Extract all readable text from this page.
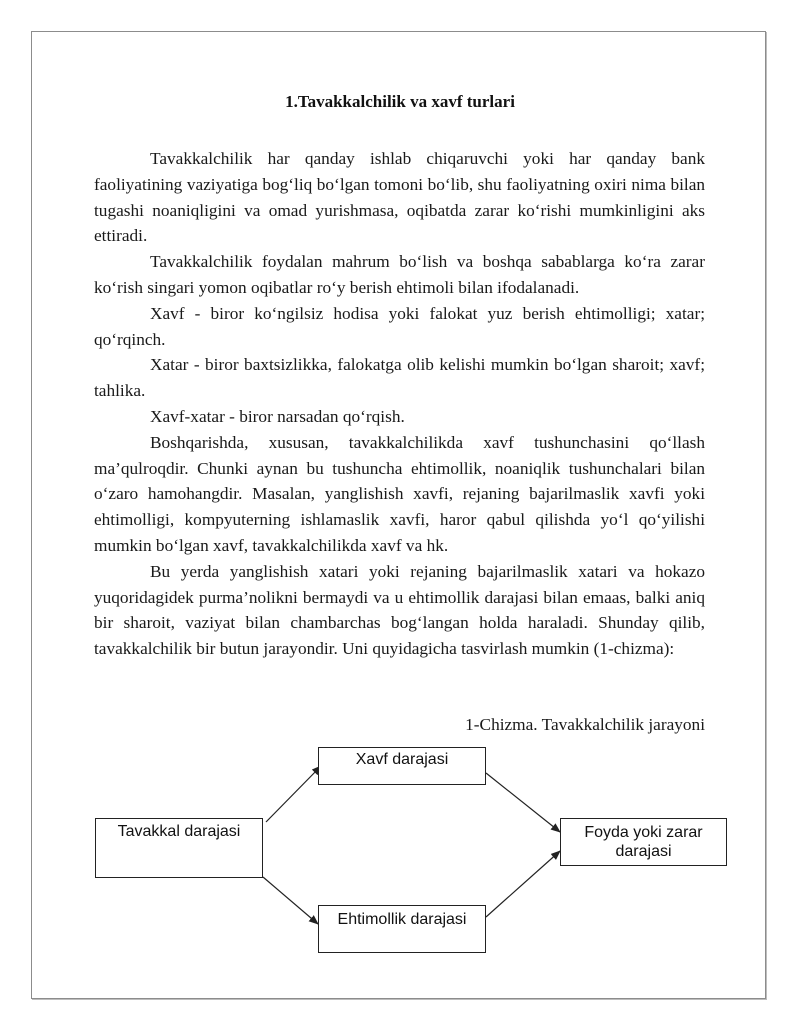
1.Tavakkalchilik va xavf turlari

Tavakkalchilik har qanday ishlab chiqaruvchi yoki har qanday bank faoliyatining vaziyatiga bog‘liq bo‘lgan tomoni bo‘lib, shu faoliyatning oxiri nima bilan tugashi noaniqligini va omad yurishmasa, oqibatda zarar ko‘rishi mumkinligini aks ettiradi.

Tavakkalchilik foydalan mahrum bo‘lish va boshqa sabablarga ko‘ra zarar ko‘rish singari yomon oqibatlar ro‘y berish ehtimoli bilan ifodalanadi.

Xavf - biror ko‘ngilsiz hodisa yoki falokat yuz berish ehtimolligi; xatar; qo‘rqinch.

Xatar - biror baxtsizlikka, falokatga olib kelishi mumkin bo‘lgan sharoit; xavf; tahlika.

Xavf-xatar - biror narsadan qo‘rqish.

Boshqarishda, xususan, tavakkalchilikda xavf tushunchasini qo‘llash ma’qulroqdir. Chunki aynan bu tushuncha ehtimollik, noaniqlik tushunchalari bilan o‘zaro hamohangdir. Masalan, yanglishish xavfi, rejaning bajarilmaslik xavfi yoki ehtimolligi, kompyuterning ishlamaslik xavfi, haror qabul qilishda yo‘l qo‘yilishi mumkin bo‘lgan xavf, tavakkalchilikda xavf va hk.

Bu yerda yanglishish xatari yoki rejaning bajarilmaslik xatari va hokazo yuqoridagidek purma’nolikni bermaydi va u ehtimollik darajasi bilan emaas, balki aniq bir sharoit, vaziyat bilan chambarchas bog‘langan holda haraladi. Shunday qilib, tavakkalchilik bir butun jarayondir. Uni quyidagicha tasvirlash mumkin (1-chizma):

1-Chizma. Tavakkalchilik jarayoni
Tavakkal darajasi
Xavf darajasi
Ehtimollik darajasi
Foyda yoki zarar darajasi
